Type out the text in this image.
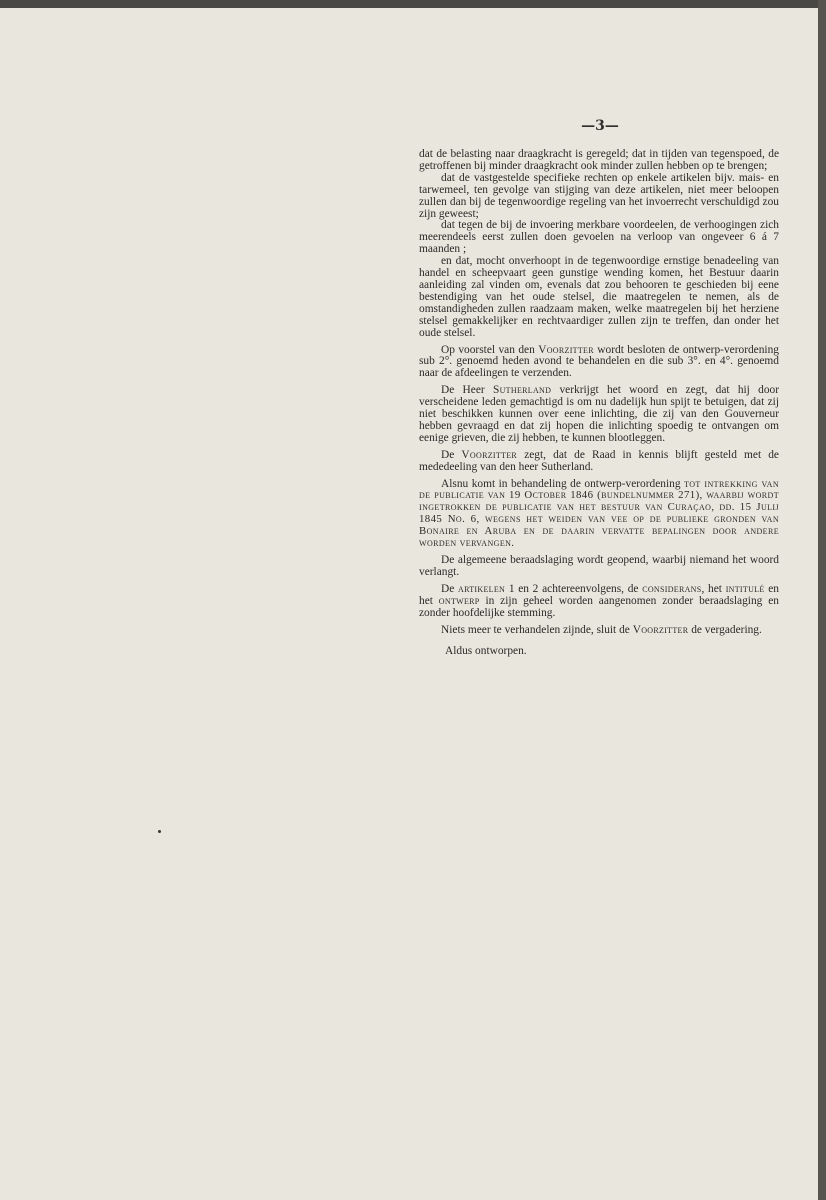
—3—

dat de belasting naar draagkracht is geregeld; dat in tijden van tegenspoed, de getroffenen bij minder draagkracht ook minder zullen hebben op te brengen;

dat de vastgestelde specifieke rechten op enkele artikelen bijv. mais- en tarwemeel, ten gevolge van stijging van deze artikelen, niet meer beloopen zullen dan bij de tegenwoordige regeling van het invoerrecht verschuldigd zou zijn geweest;

dat tegen de bij de invoering merkbare voordeelen, de verhoogingen zich meerendeels eerst zullen doen gevoelen na verloop van ongeveer 6 á 7 maanden ;

en dat, mocht onverhoopt in de tegenwoordige ernstige benadeeling van handel en scheepvaart geen gunstige wending komen, het Bestuur daarin aanleiding zal vinden om, evenals dat zou behooren te geschieden bij eene bestendiging van het oude stelsel, die maatregelen te nemen, als de omstandigheden zullen raadzaam maken, welke maatregelen bij het herziene stelsel gemakkelijker en rechtvaardiger zullen zijn te treffen, dan onder het oude stelsel.

Op voorstel van den Voorzitter wordt besloten de ontwerp-verordening sub 2°. genoemd heden avond te behandelen en die sub 3°. en 4°. genoemd naar de afdeelingen te verzenden.

De Heer Sutherland verkrijgt het woord en zegt, dat hij door verscheidene leden gemachtigd is om nu dadelijk hun spijt te betuigen, dat zij niet beschikken kunnen over eene inlichting, die zij van den Gouverneur hebben gevraagd en dat zij hopen die inlichting spoedig te ontvangen om eenige grieven, die zij hebben, te kunnen blootleggen.

De Voorzitter zegt, dat de Raad in kennis blijft gesteld met de mededeeling van den heer Sutherland.

Alsnu komt in behandeling de ontwerp-verordening tot intrekking van de publicatie van 19 October 1846 (bundelnummer 271), waarbij wordt ingetrokken de publicatie van het bestuur van Curaçao, dd. 15 Julij 1845 No. 6, wegens het weiden van vee op de publieke gronden van Bonaire en Aruba en de daarin vervatte bepalingen door andere worden vervangen.

De algemeene beraadslaging wordt geopend, waarbij niemand het woord verlangt.

De artikelen 1 en 2 achtereenvolgens, de considerans, het intitulé en het ontwerp in zijn geheel worden aangenomen zonder beraadslaging en zonder hoofdelijke stemming.

Niets meer te verhandelen zijnde, sluit de Voorzitter de vergadering.

Aldus ontworpen.
